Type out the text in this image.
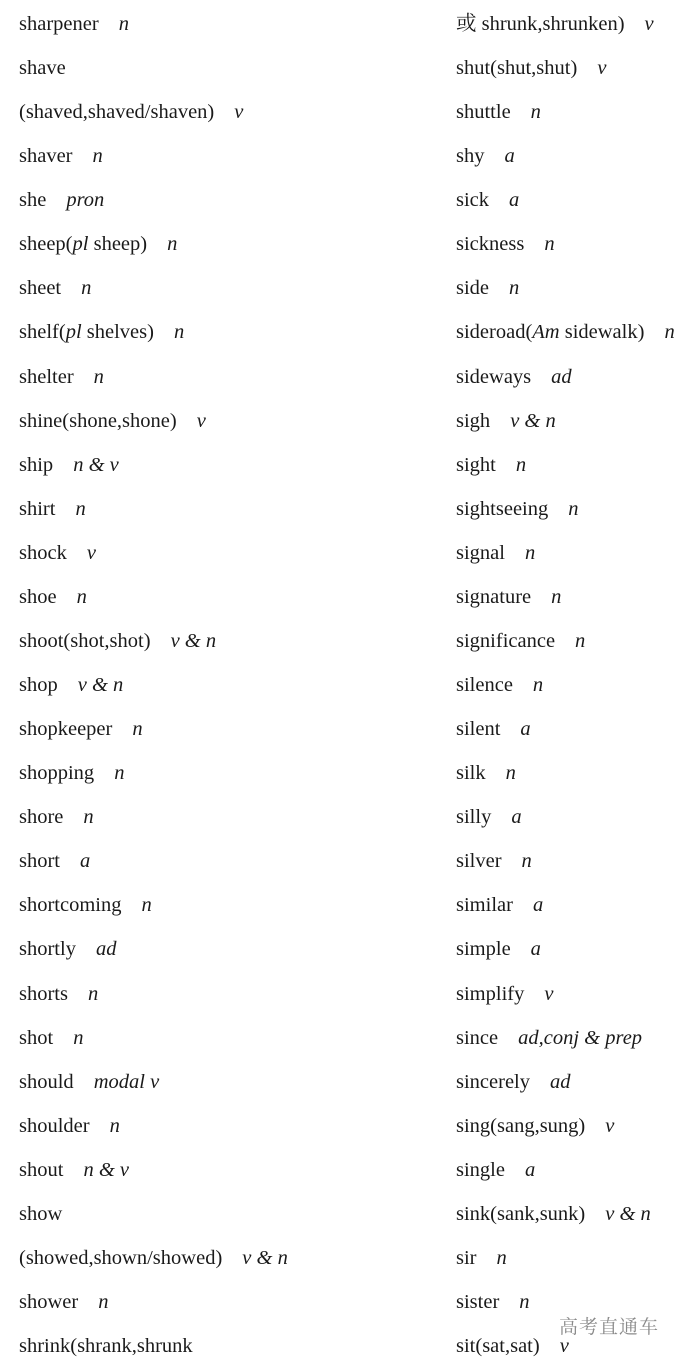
sharpener n
shave
(shaved,shaved/shaven) v
shaver n
she pron
sheep(pl sheep) n
sheet n
shelf(pl shelves) n
shelter n
shine(shone,shone) v
ship n & v
shirt n
shock v
shoe n
shoot(shot,shot) v & n
shop v & n
shopkeeper n
shopping n
shore n
short a
shortcoming n
shortly ad
shorts n
shot n
should modal v
shoulder n
shout n & v
show
(showed,shown/showed) v & n
shower n
shrink(shrank,shrunk
或 shrunk,shrunken) v
shut(shut,shut) v
shuttle n
shy a
sick a
sickness n
side n
sideroad(Am sidewalk) n
sideways ad
sigh v & n
sight n
sightseeing n
signal n
signature n
significance n
silence n
silent a
silk n
silly a
silver n
similar a
simple a
simplify v
since ad,conj & prep
sincerely ad
sing(sang,sung) v
single a
sink(sank,sunk) v & n
sir n
sister n
sit(sat,sat) v
高考直通车
